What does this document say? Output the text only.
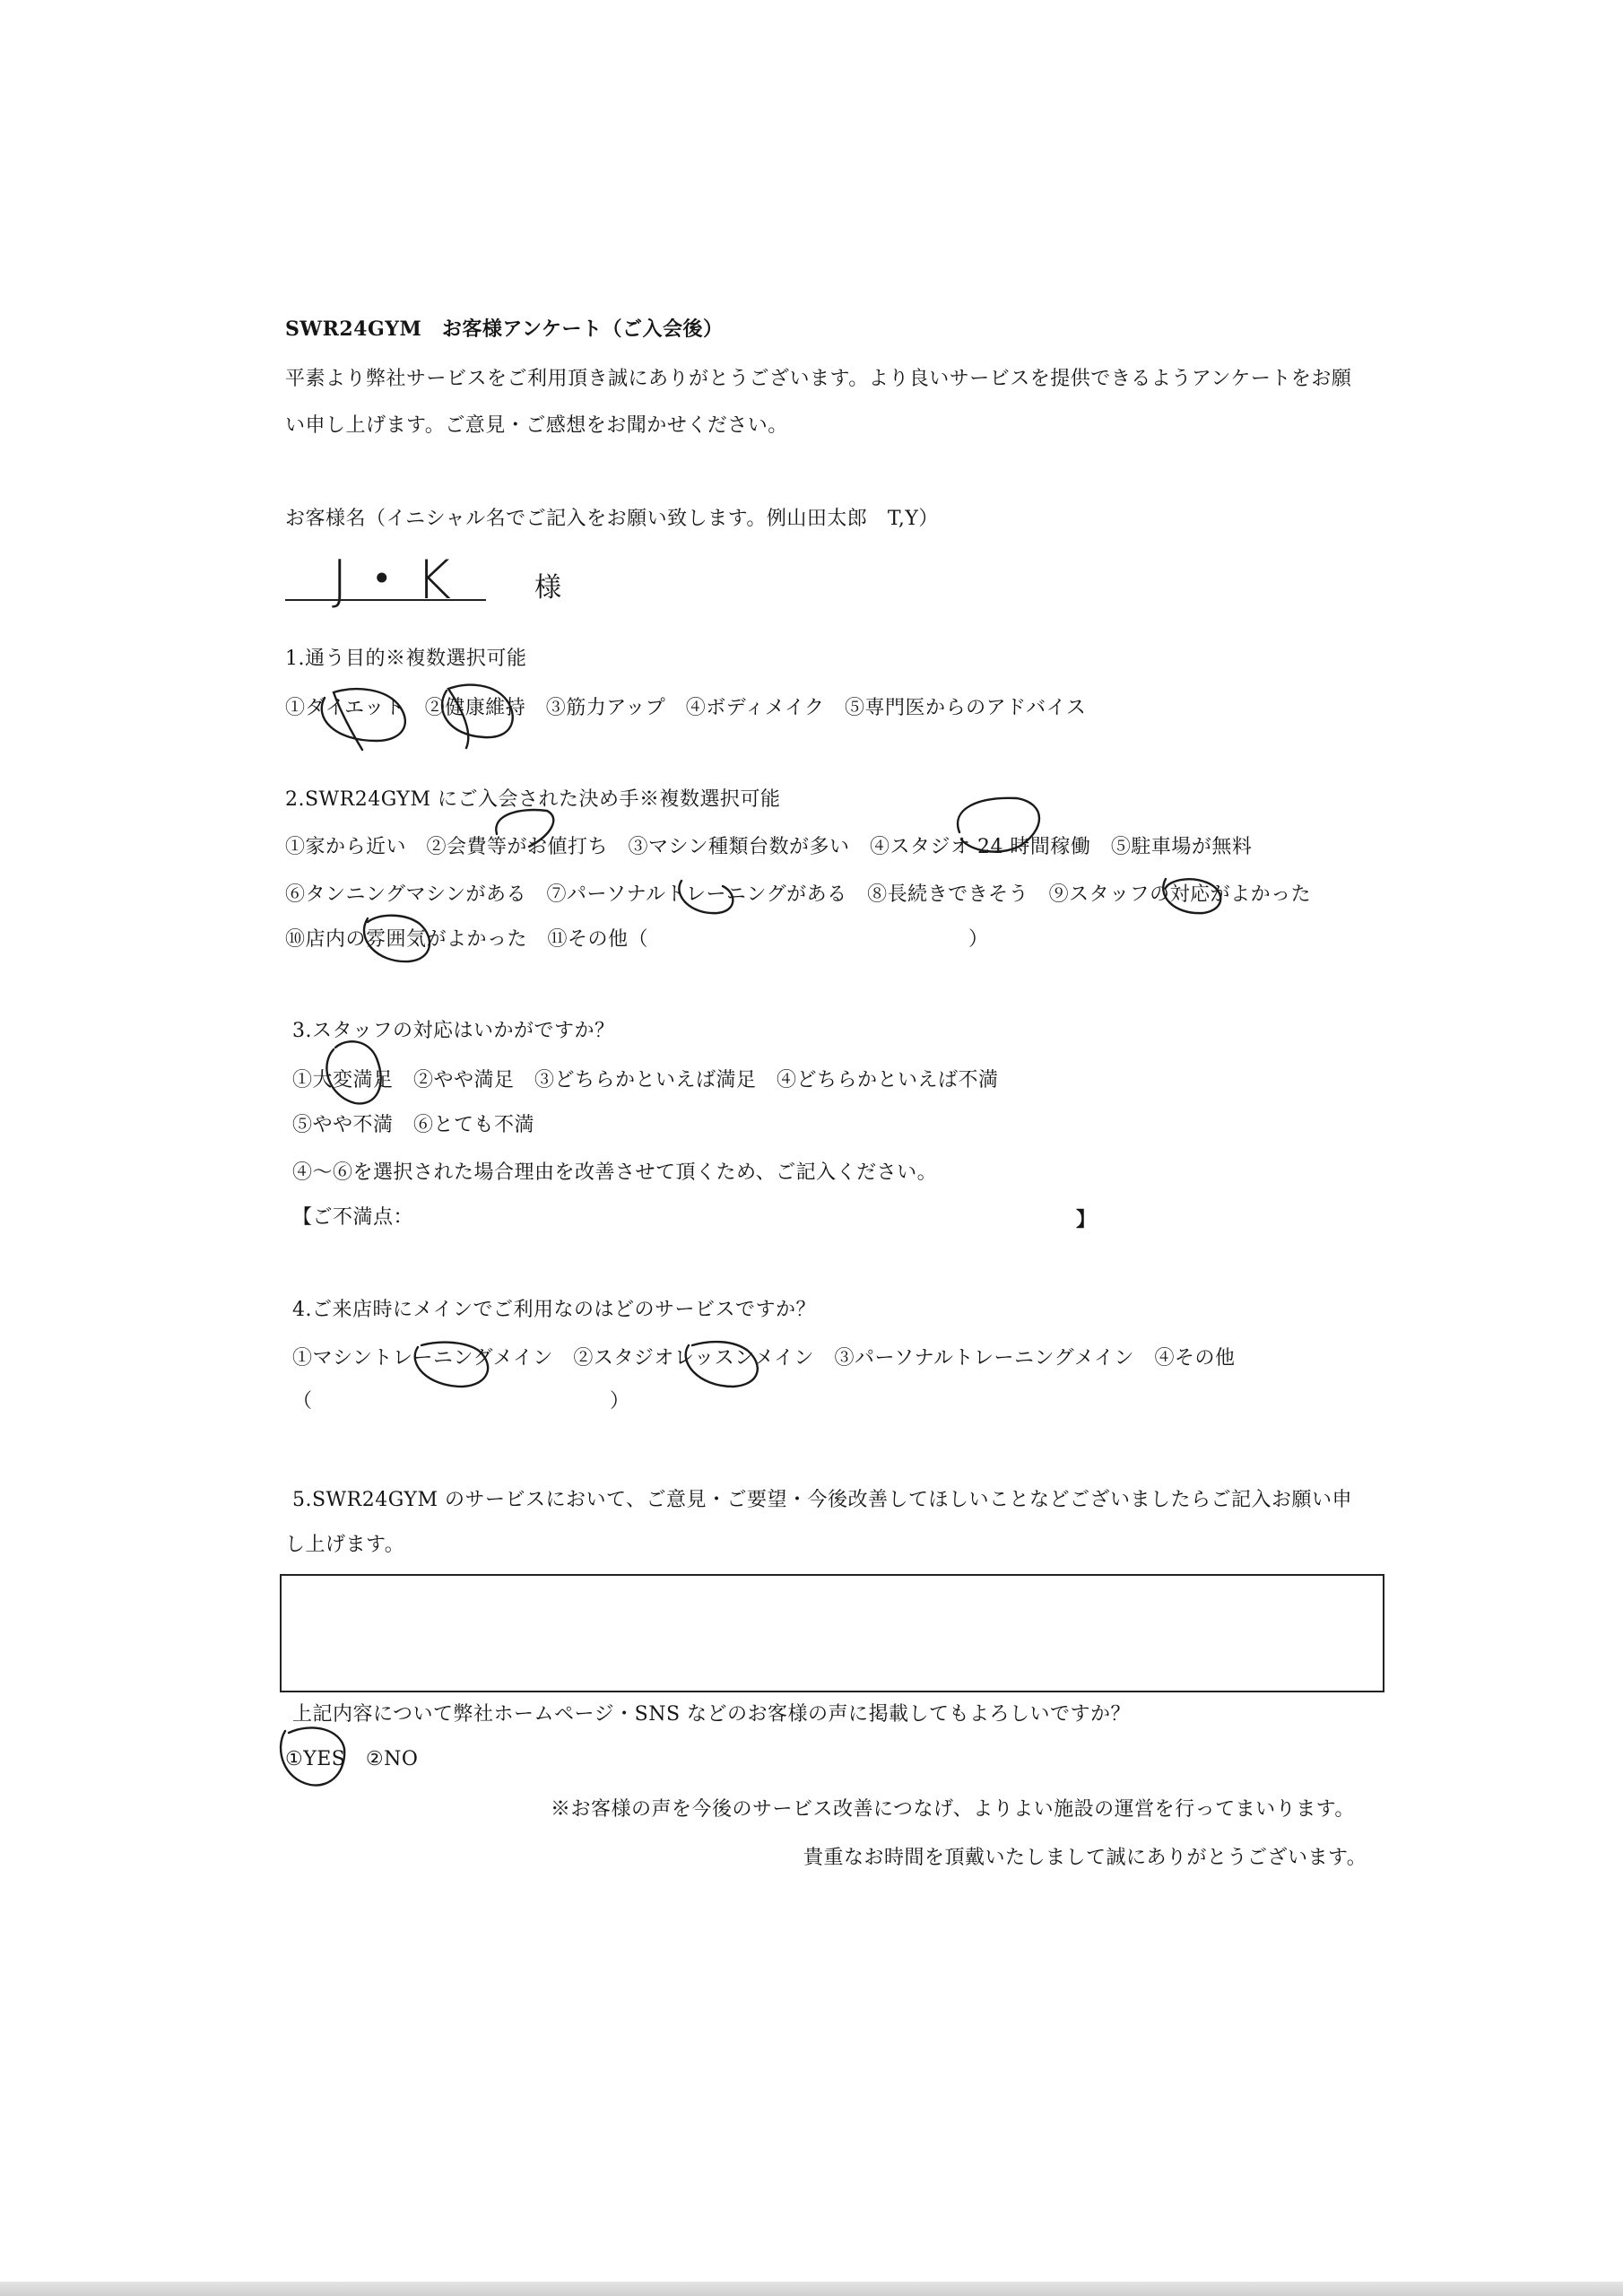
SWR24GYM　お客様アンケート（ご入会後）
平素より弊社サービスをご利用頂き誠にありがとうございます。より良いサービスを提供できるようアンケートをお願
い申し上げます。ご意見・ご感想をお聞かせください。
お客様名（イニシャル名でご記入をお願い致します。例山田太郎　T,Y）
J・K	様
1.通う目的※複数選択可能
①ダイエット　②健康維持　③筋力アップ　④ボディメイク　⑤専門医からのアドバイス
2.SWR24GYM にご入会された決め手※複数選択可能
①家から近い　②会費等がお値打ち　③マシン種類台数が多い　④スタジオ 24 時間稼働　⑤駐車場が無料
⑥タンニングマシンがある　⑦パーソナルトレーニングがある　⑧長続きできそう　⑨スタッフの対応がよかった
⑩店内の雰囲気がよかった　⑪その他（	）
3.スタッフの対応はいかがですか？
①大変満足　②やや満足　③どちらかといえば満足　④どちらかといえば不満
⑤やや不満　⑥とても不満
④～⑥を選択された場合理由を改善させて頂くため、ご記入ください。
【ご不満点：	】
4.ご来店時にメインでご利用なのはどのサービスですか？
①マシントレーニングメイン　②スタジオレッスンメイン　③パーソナルトレーニングメイン　④その他
（	）
5.SWR24GYM のサービスにおいて、ご意見・ご要望・今後改善してほしいことなどございましたらご記入お願い申
し上げます。
上記内容について弊社ホームページ・SNS などのお客様の声に掲載してもよろしいですか？
①YES　②NO
※お客様の声を今後のサービス改善につなげ、よりよい施設の運営を行ってまいります。
貴重なお時間を頂戴いたしまして誠にありがとうございます。
